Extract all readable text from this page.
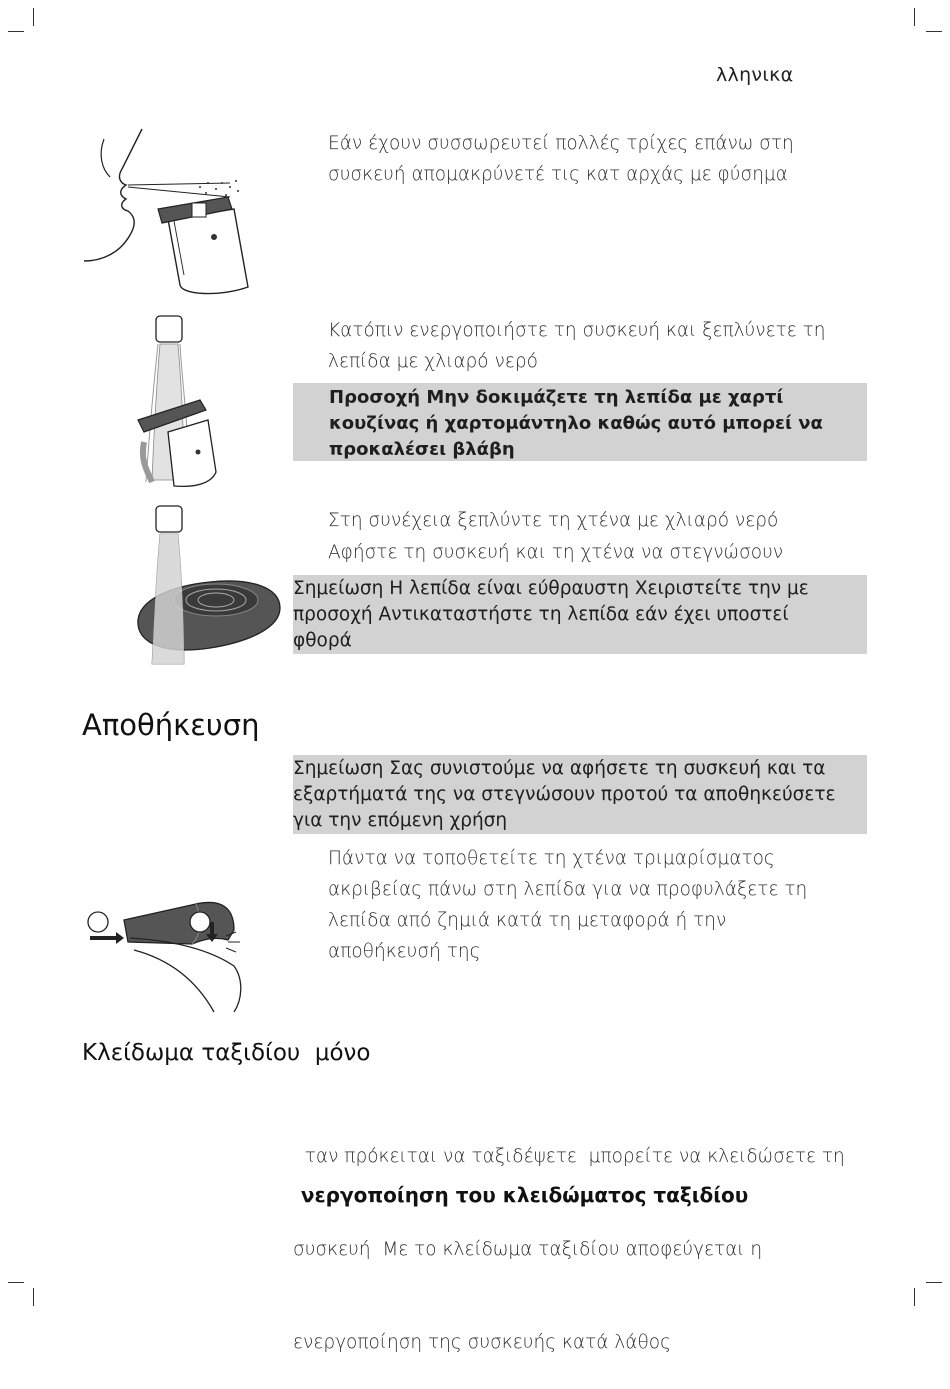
λληνικα
Εάν έχουν συσσωρευτεί πολλές τρίχες επάνω στη
συσκευή απομακρύνετέ τις κατ αρχάς με φύσημα
Κατόπιν ενεργοποιήστε τη συσκευή και ξεπλύνετε τη
λεπίδα με χλιαρό νερό
Προσοχή Μην δοκιμάζετε τη λεπίδα με χαρτί
κουζίνας ή χαρτομάντηλο καθώς αυτό μπορεί να
προκαλέσει βλάβη
Στη συνέχεια ξεπλύντε τη χτένα με χλιαρό νερό
Αφήστε τη συσκευή και τη χτένα να στεγνώσουν
Σημείωση Η λεπίδα είναι εύθραυστη Χειριστείτε την με
προσοχή Αντικαταστήστε τη λεπίδα εάν έχει υποστεί
φθορά
Αποθήκευση
Σημείωση Σας συνιστούμε να αφήσετε τη συσκευή και τα
εξαρτήματά της να στεγνώσουν προτού τα αποθηκεύσετε
για την επόμενη χρήση
Πάντα να τοποθετείτε τη χτένα τριμαρίσματος
ακριβείας πάνω στη λεπίδα για να προφυλάξετε τη
λεπίδα από ζημιά κατά τη μεταφορά ή την
αποθήκευσή της
Κλείδωμα ταξιδίου  μόνο

ταν πρόκειται να ταξιδέψετε  μπορείτε να κλειδώσετε τη

συσκευή  Με το κλείδωμα ταξιδίου αποφεύγεται η

ενεργοποίηση της συσκευής κατά λάθος

νεργοποίηση του κλειδώματος ταξιδίου
